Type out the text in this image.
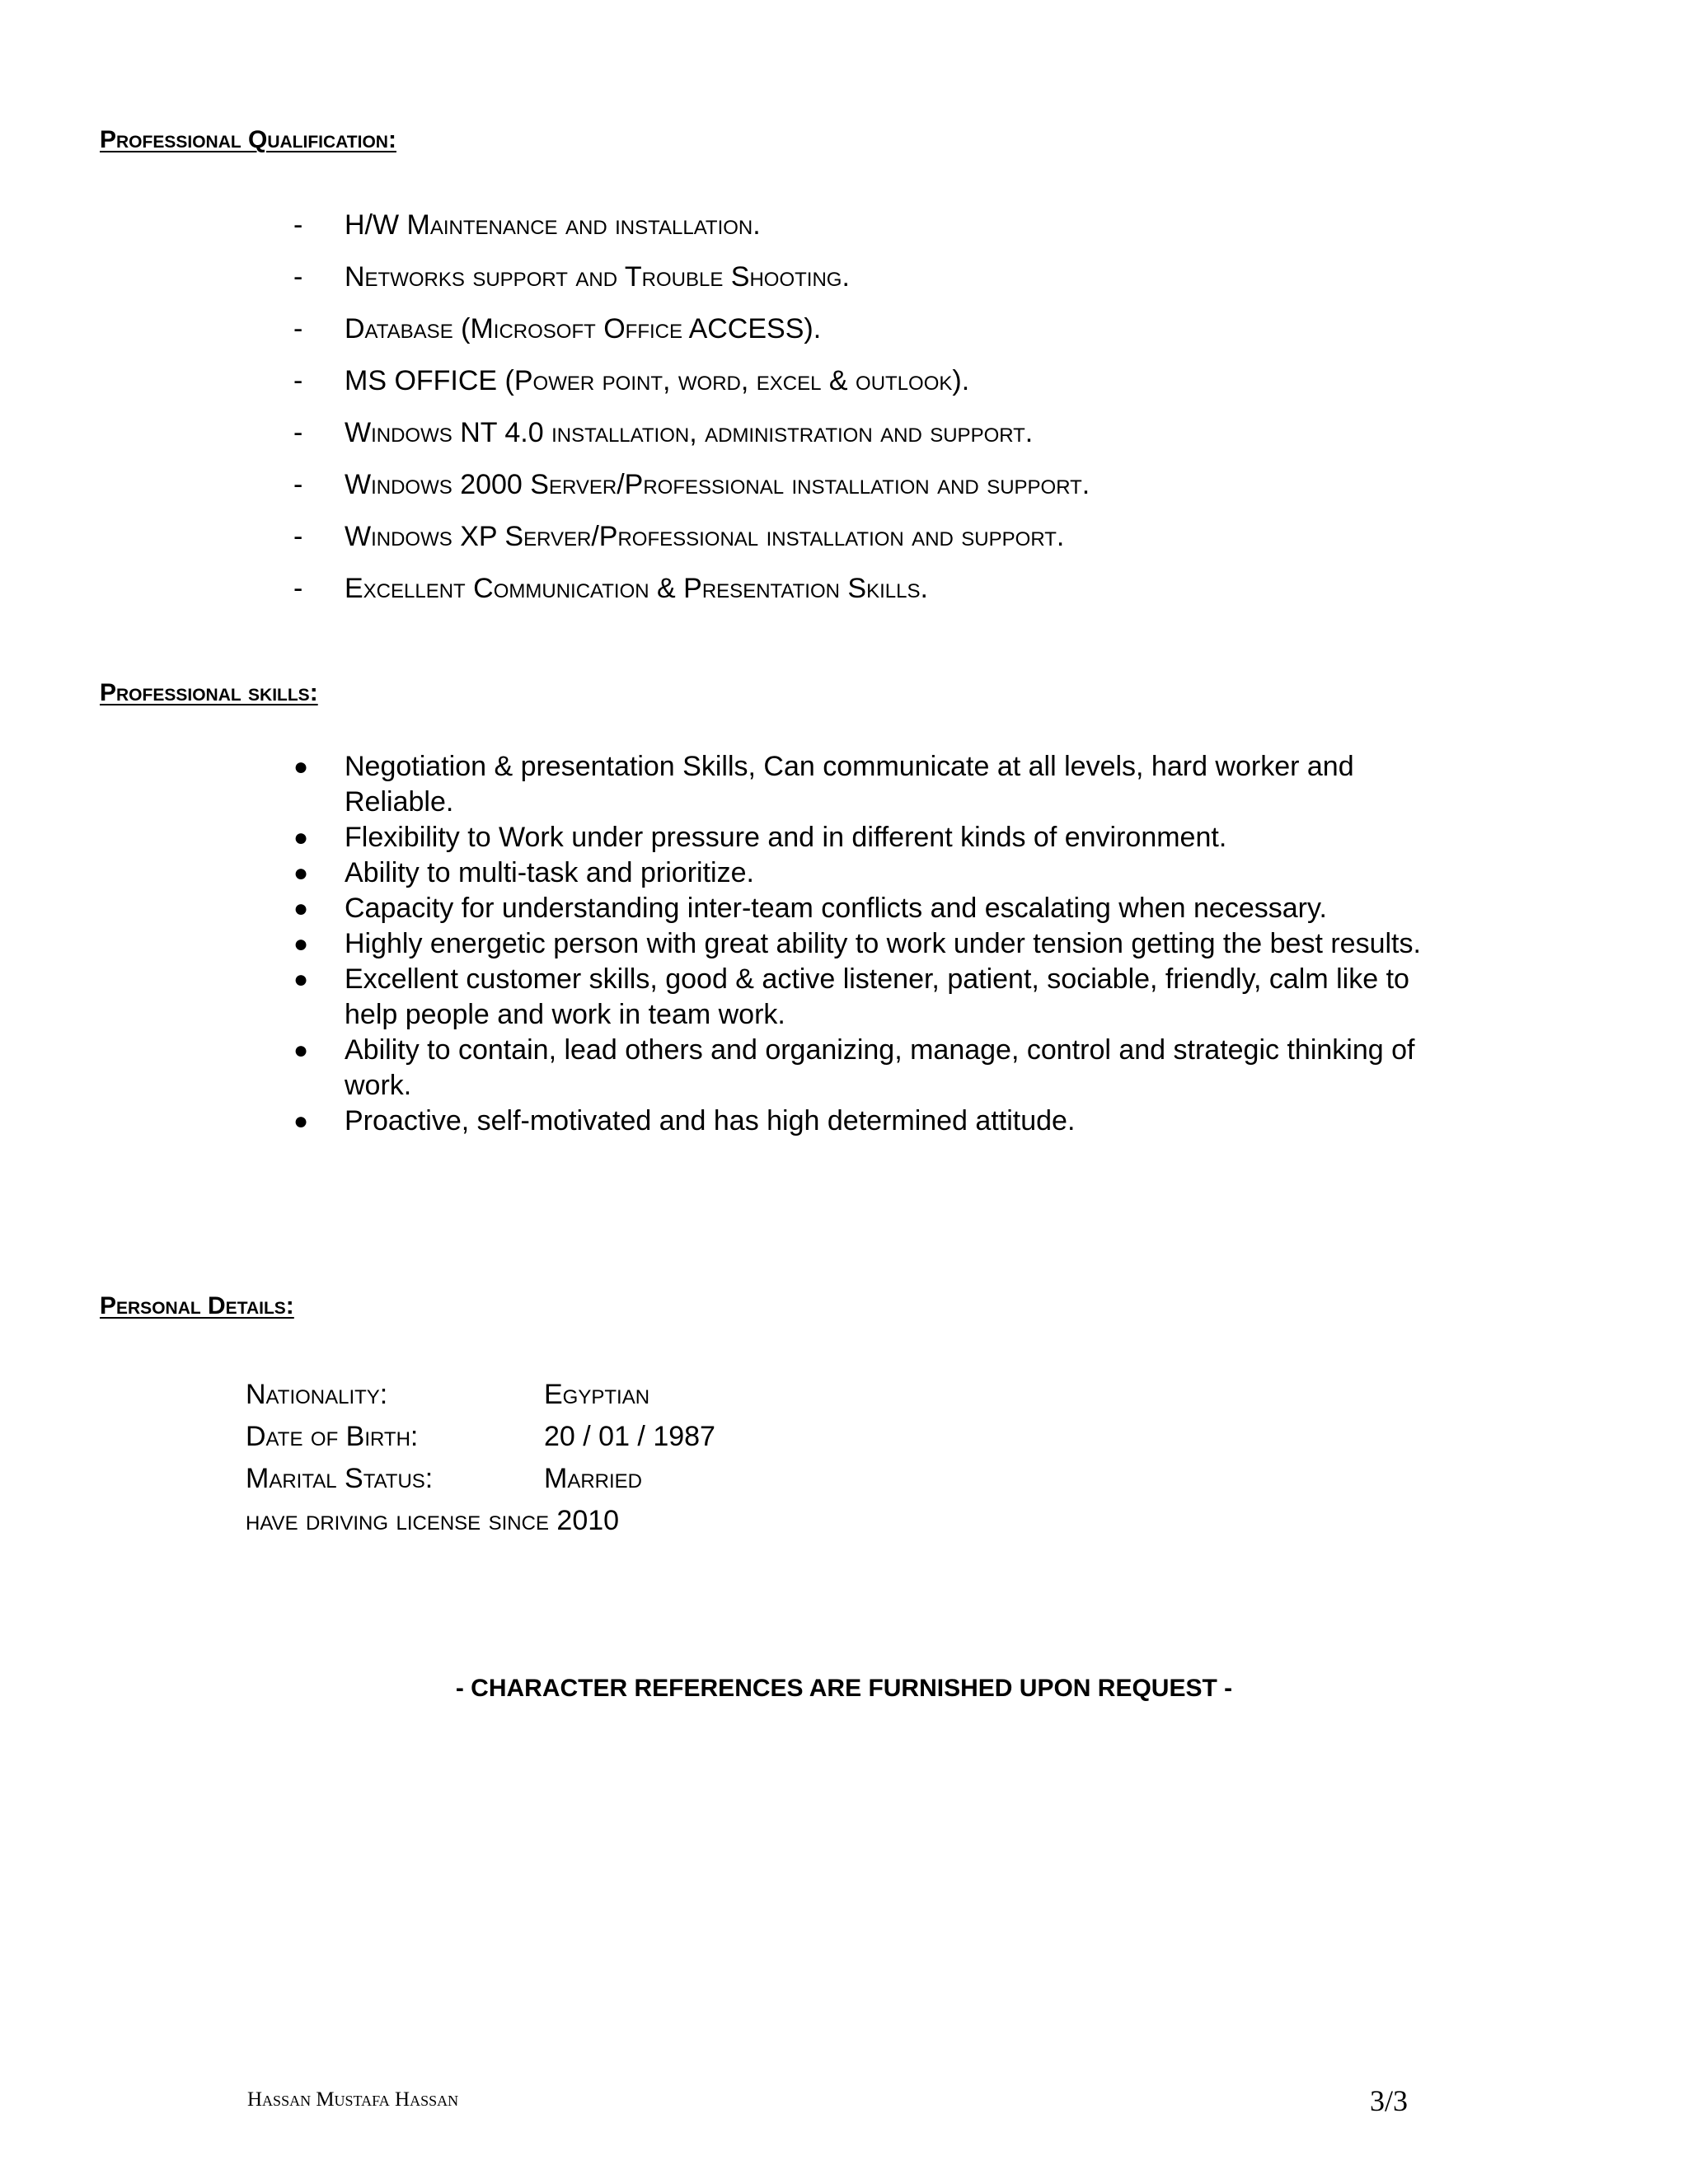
Professional Qualification:
-	H/W Maintenance and installation.
-	Networks support and Trouble Shooting.
-	Database (Microsoft Office ACCESS).
-	MS OFFICE (Power point, word, excel & outlook).
-	Windows NT 4.0 installation, administration and support.
-	Windows 2000 Server/Professional installation and support.
-	Windows XP Server/Professional installation and support.
-	Excellent Communication & Presentation Skills.
Professional skills:
● Negotiation & presentation Skills, Can communicate at all levels, hard worker and Reliable.
● Flexibility to Work under pressure and in different kinds of environment.
● Ability to multi-task and prioritize.
● Capacity for understanding inter-team conflicts and escalating when necessary.
● Highly energetic person with great ability to work under tension getting the best results.
● Excellent customer skills, good & active listener, patient, sociable, friendly, calm like to help people and work in team work.
● Ability to contain, lead others and organizing, manage, control and strategic thinking of work.
● Proactive, self-motivated and has high determined attitude.
Personal Details:
Nationality:	Egyptian
Date of Birth:	20 / 01 / 1987
Marital Status:	Married
have driving license since 2010
- CHARACTER REFERENCES ARE FURNISHED UPON REQUEST -
Hassan Mustafa Hassan	3/3
